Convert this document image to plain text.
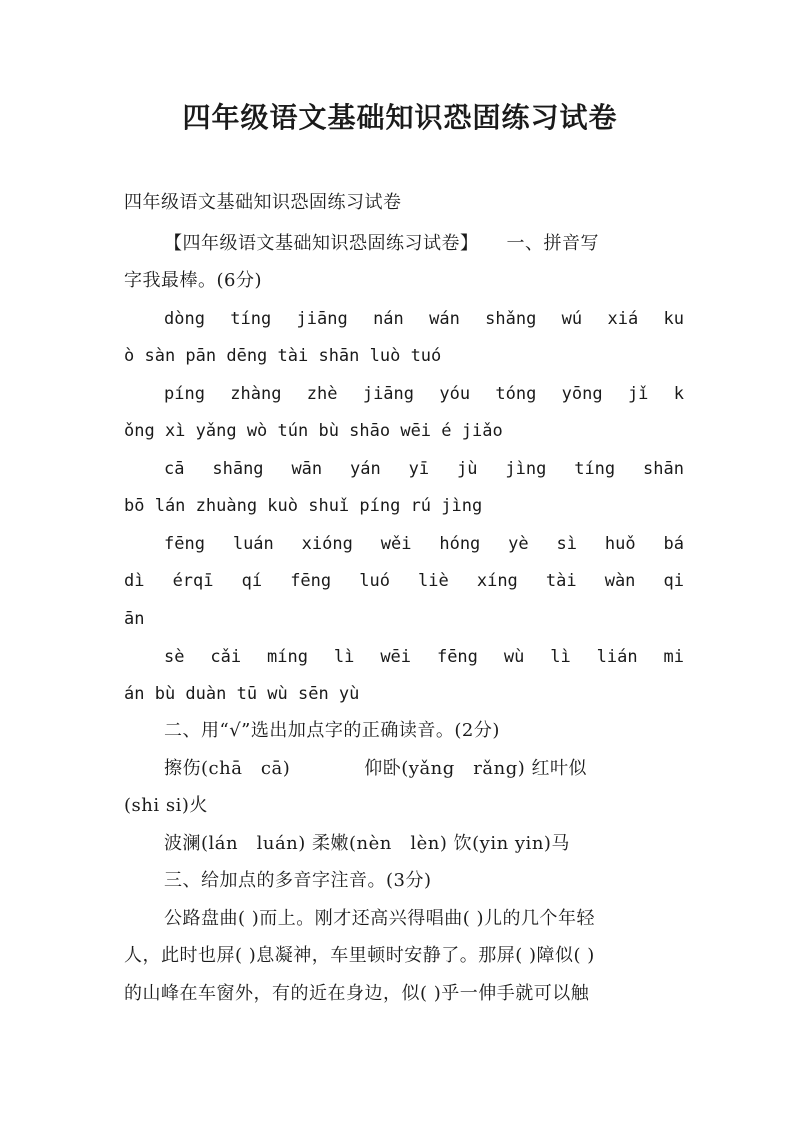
四年级语文基础知识恐固练习试卷
四年级语文基础知识恐固练习试卷
【四年级语文基础知识恐固练习试卷】　　一、拼音写
字我最棒。(6分)
dòng tíng jiāng nán wán shǎng wú xiá ku
ò sàn pān dēng tài shān luò tuó
píng zhàng zhè jiāng yóu tóng yōng jǐ k
ǒng xì yǎng wò tún bù shāo wēi é jiǎo
cā shāng wān yán yī jù jìng tíng shān
bō lán zhuàng kuò shuǐ píng rú jìng
fēng luán xióng wěi hóng yè sì huǒ bá
dì érqī qí fēng luó liè xíng tài wàn qi
ān
sè cǎi míng lì wēi fēng wù lì lián mi
án bù duàn tū wù sēn yù
二、用“√”选出加点字的正确读音。(2分)
擦伤(chā　cā)　　　　仰卧(yǎng　rǎng) 红叶似
(shi si)火
波澜(lán　luán) 柔嫩(nèn　lèn) 饮(yin yin)马
三、给加点的多音字注音。(3分)
公路盘曲( )而上。刚才还高兴得唱曲( )儿的几个年轻
人，此时也屏( )息凝神，车里顿时安静了。那屏( )障似( )
的山峰在车窗外，有的近在身边，似( )乎一伸手就可以触
